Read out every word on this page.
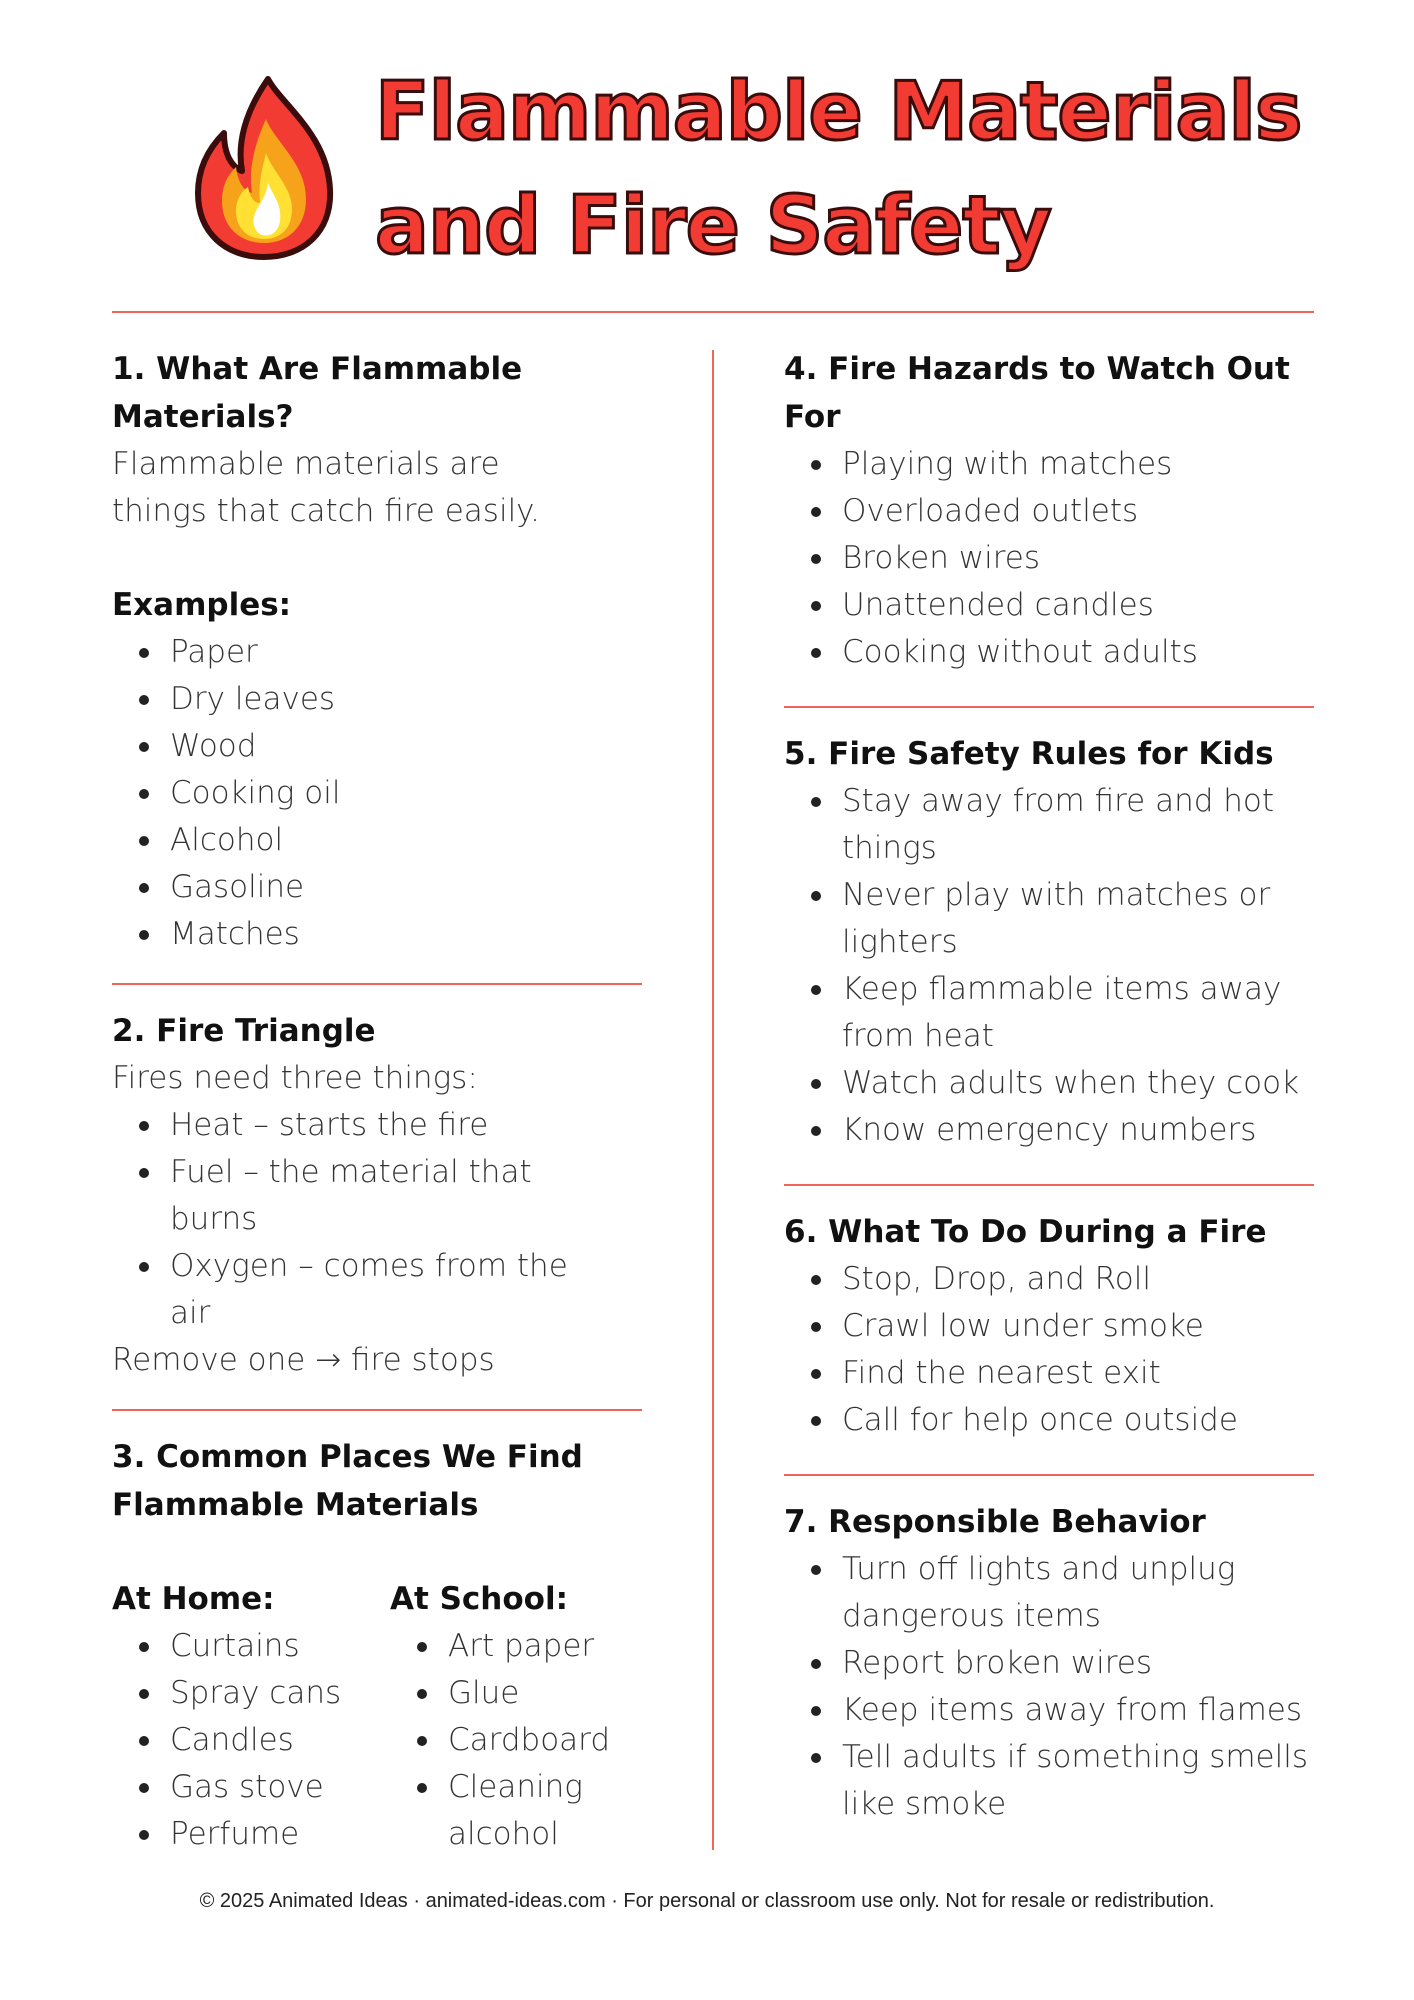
Flammable Materials
and Fire Safety

1. What Are Flammable Materials?

Flammable materials are things that catch fire easily.

Examples:

Paper
Dry leaves
Wood
Cooking oil
Alcohol
Gasoline
Matches

2. Fire Triangle

Fires need three things:

Heat – starts the fire
Fuel – the material that burns
Oxygen – comes from the air

Remove one → fire stops

3. Common Places We Find Flammable Materials

At Home:

Curtains
Spray cans
Candles
Gas stove
Perfume

At School:

Art paper
Glue
Cardboard
Cleaning alcohol

4. Fire Hazards to Watch Out For

Playing with matches
Overloaded outlets
Broken wires
Unattended candles
Cooking without adults

5. Fire Safety Rules for Kids

Stay away from fire and hot things
Never play with matches or lighters
Keep flammable items away from heat
Watch adults when they cook
Know emergency numbers

6. What To Do During a Fire

Stop, Drop, and Roll
Crawl low under smoke
Find the nearest exit
Call for help once outside

7. Responsible Behavior

Turn off lights and unplug dangerous items
Report broken wires
Keep items away from flames
Tell adults if something smells like smoke
© 2025 Animated Ideas · animated-ideas.com · For personal or classroom use only. Not for resale or redistribution.
